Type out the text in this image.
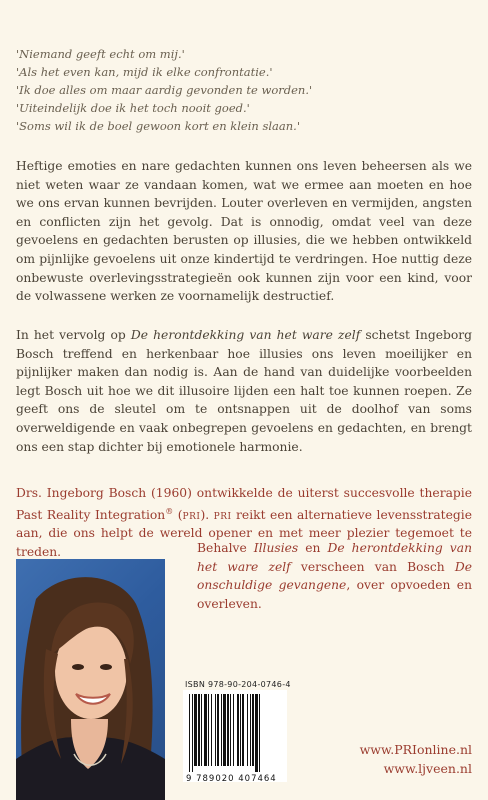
'Niemand geeft echt om mij.'
'Als het even kan, mijd ik elke confrontatie.'
'Ik doe alles om maar aardig gevonden te worden.'
'Uiteindelijk doe ik het toch nooit goed.'
'Soms wil ik de boel gewoon kort en klein slaan.'
Heftige emoties en nare gedachten kunnen ons leven beheersen als we niet weten waar ze vandaan komen, wat we ermee aan moeten en hoe we ons ervan kunnen bevrijden. Louter overleven en vermijden, angsten en conflicten zijn het gevolg. Dat is onnodig, omdat veel van deze gevoelens en gedachten berusten op illusies, die we hebben ontwikkeld om pijnlijke gevoelens uit onze kindertijd te verdringen. Hoe nuttig deze onbewuste overlevingsstrategieën ook kunnen zijn voor een kind, voor de volwassene werken ze voornamelijk destructief.
In het vervolg op De herontdekking van het ware zelf schetst Ingeborg Bosch treffend en herkenbaar hoe illusies ons leven moeilijker en pijnlijker maken dan nodig is. Aan de hand van duidelijke voorbeelden legt Bosch uit hoe we dit illusoire lijden een halt toe kunnen roepen. Ze geeft ons de sleutel om te ontsnappen uit de doolhof van soms overweldigende en vaak onbegrepen gevoelens en gedachten, en brengt ons een stap dichter bij emotionele harmonie.
Drs. Ingeborg Bosch (1960) ontwikkelde de uiterst succesvolle therapie Past Reality Integration® (pri). pri reikt een alternatieve levensstrategie aan, die ons helpt de wereld opener en met meer plezier tegemoet te treden.	Behalve Illusies en De herontdekking van het ware zelf verscheen van Bosch De onschuldige gevangene, over opvoeden en overleven.
ISBN 978-90-204-0746-4
9 789020 407464
www.PRIonline.nl
www.ljveen.nl
